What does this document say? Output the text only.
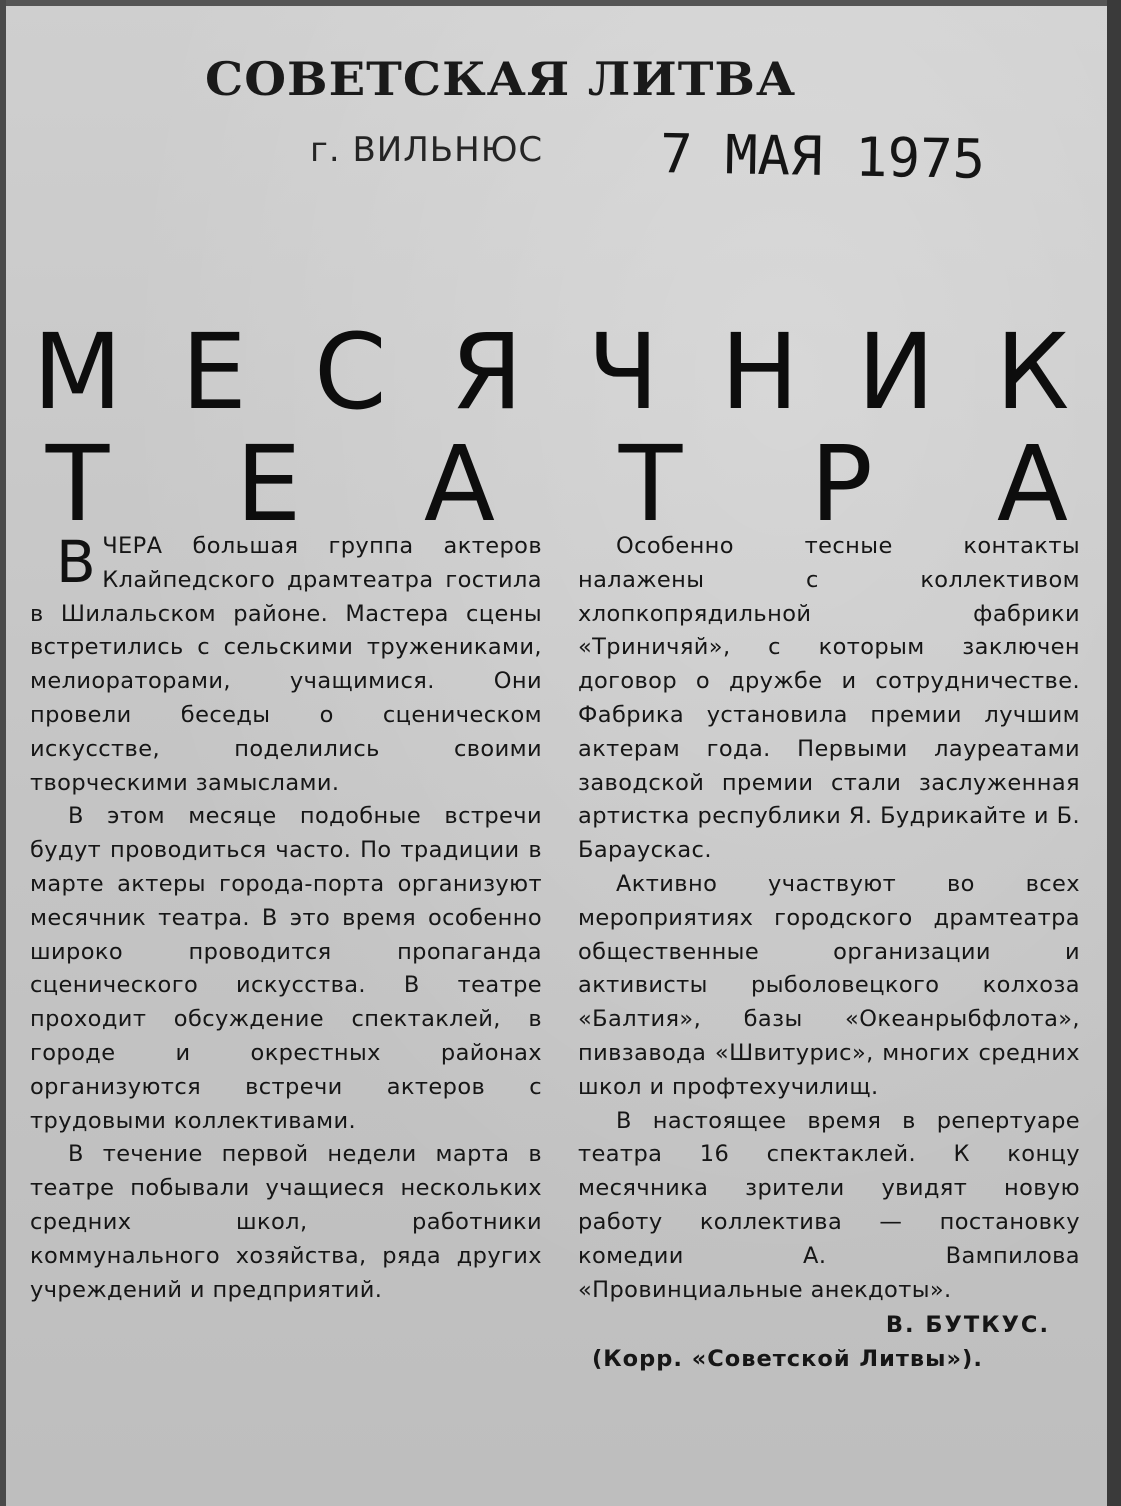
СОВЕТСКАЯ ЛИТВА
г. ВИЛЬНЮС 7 МАЯ 1975
М Е С Я Ч Н И К
Т Е А Т Р А

ВЧЕРА большая группа актеров Клайпедского драмтеатра гостила в Шилальском районе. Мастера сцены встретились с сельскими тружениками, мелиораторами, учащимися. Они провели беседы о сценическом искусстве, поделились своими творческими замыслами.

В этом месяце подобные встречи будут проводиться часто. По традиции в марте актеры города-порта организуют месячник театра. В это время особенно широко проводится пропаганда сценического искусства. В театре проходит обсуждение спектаклей, в городе и окрестных районах организуются встречи актеров с трудовыми коллективами.

В течение первой недели марта в театре побывали учащиеся нескольких средних школ, работники коммунального хозяйства, ряда других учреждений и предприятий.

Особенно тесные контакты налажены с коллективом хлопкопрядильной фабрики «Триничяй», с которым заключен договор о дружбе и сотрудничестве. Фабрика установила премии лучшим актерам года. Первыми лауреатами заводской премии стали заслуженная артистка республики Я. Будрикайте и Б. Бараускас.

Активно участвуют во всех мероприятиях городского драмтеатра общественные организации и активисты рыболовецкого колхоза «Балтия», базы «Океанрыбфлота», пивзавода «Швитурис», многих средних школ и профтехучилищ.

В настоящее время в репертуаре театра 16 спектаклей. К концу месячника зрители увидят новую работу коллектива — постановку комедии А. Вампилова «Провинциальные анекдоты».

В. БУТКУС.
(Корр. «Советской Литвы»).
